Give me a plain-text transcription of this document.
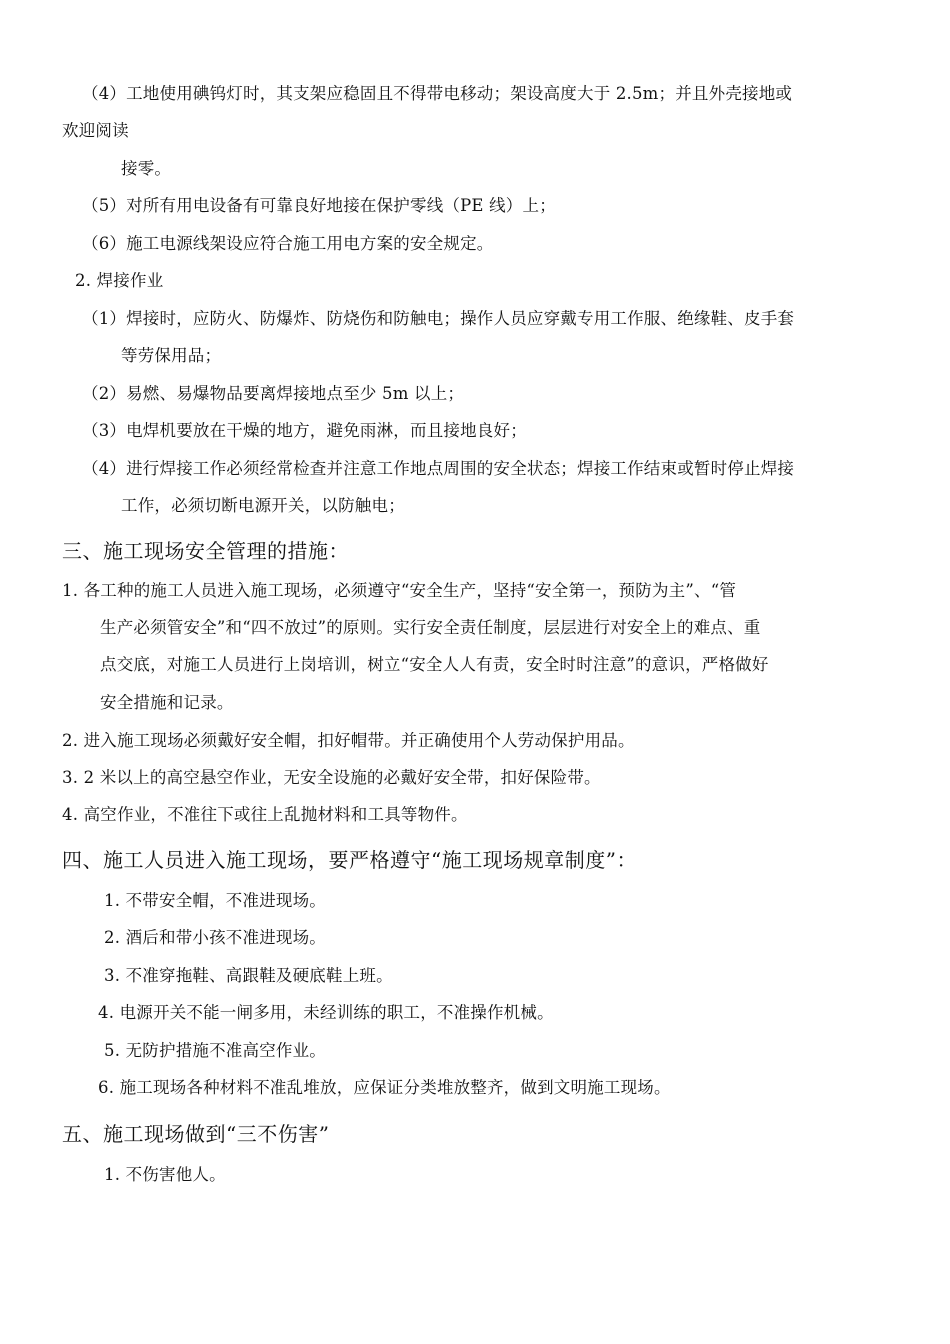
（4）工地使用碘钨灯时，其支架应稳固且不得带电移动；架设高度大于 2.5m；并且外壳接地或
欢迎阅读
接零。
（5）对所有用电设备有可靠良好地接在保护零线（PE 线）上；
（6）施工电源线架设应符合施工用电方案的安全规定。
2. 焊接作业
（1）焊接时，应防火、防爆炸、防烧伤和防触电；操作人员应穿戴专用工作服、绝缘鞋、皮手套
等劳保用品；
（2）易燃、易爆物品要离焊接地点至少 5m 以上；
（3）电焊机要放在干燥的地方，避免雨淋，而且接地良好；
（4）进行焊接工作必须经常检查并注意工作地点周围的安全状态；焊接工作结束或暂时停止焊接
工作，必须切断电源开关，以防触电；
三、施工现场安全管理的措施：
1. 各工种的施工人员进入施工现场，必须遵守“安全生产，坚持“安全第一，预防为主”、“管
生产必须管安全”和“四不放过”的原则。实行安全责任制度，层层进行对安全上的难点、重
点交底，对施工人员进行上岗培训，树立“安全人人有责，安全时时注意”的意识，严格做好
安全措施和记录。
2. 进入施工现场必须戴好安全帽，扣好帽带。并正确使用个人劳动保护用品。
3. 2 米以上的高空悬空作业，无安全设施的必戴好安全带，扣好保险带。
4. 高空作业，不准往下或往上乱抛材料和工具等物件。
四、施工人员进入施工现场，要严格遵守“施工现场规章制度”：
1. 不带安全帽，不准进现场。
2. 酒后和带小孩不准进现场。
3. 不准穿拖鞋、高跟鞋及硬底鞋上班。
4. 电源开关不能一闸多用，未经训练的职工，不准操作机械。
5. 无防护措施不准高空作业。
6. 施工现场各种材料不准乱堆放，应保证分类堆放整齐，做到文明施工现场。
五、施工现场做到“三不伤害”
1. 不伤害他人。
